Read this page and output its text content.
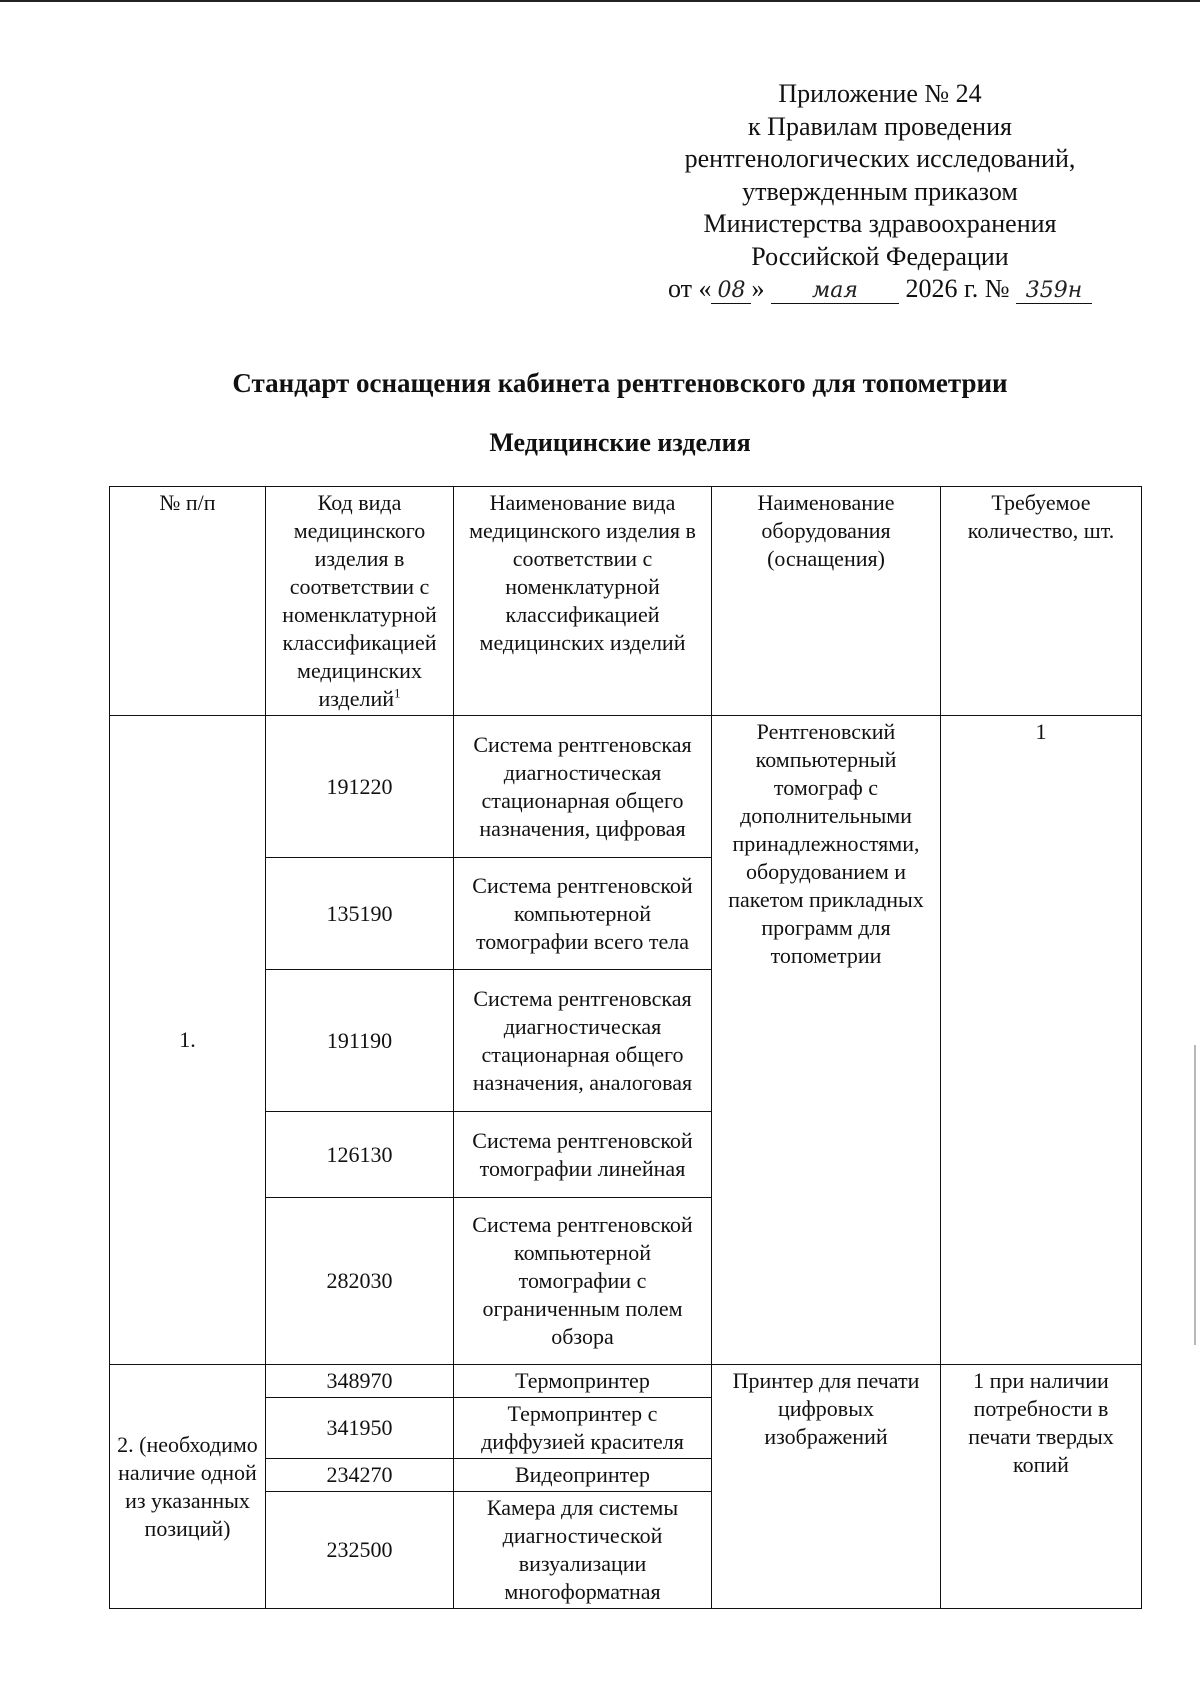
Приложение № 24
к Правилам проведения
рентгенологических исследований,
утвержденным приказом
Министерства здравоохранения
Российской Федерации
от « 08 » мая 2026 г. № 359н
Стандарт оснащения кабинета рентгеновского для топометрии
Медицинские изделия
№ п/п	Код вида медицинского изделия в соответствии с номенклатурной классификацией медицинских изделий$^1$	Наименование вида медицинского изделия в соответствии с номенклатурной классификацией медицинских изделий	Наименование оборудования (оснащения)	Требуемое количество, шт.
1.	191220	Система рентгеновская диагностическая стационарная общего назначения, цифровая	Рентгеновский компьютерный томограф с дополнительными принадлежностями, оборудованием и пакетом прикладных программ для топометрии	1
	135190	Система рентгеновской компьютерной томографии всего тела		
	191190	Система рентгеновская диагностическая стационарная общего назначения, аналоговая		
	126130	Система рентгеновской томографии линейная		
	282030	Система рентгеновской компьютерной томографии с ограниченным полем обзора		
2. (необходимо наличие одной из указанных позиций)	348970	Термопринтер	Принтер для печати цифровых изображений	1 при наличии потребности в печати твердых копий
	341950	Термопринтер с диффузией красителя		
	234270	Видеопринтер		
	232500	Камера для системы диагностической визуализации многоформатная		
